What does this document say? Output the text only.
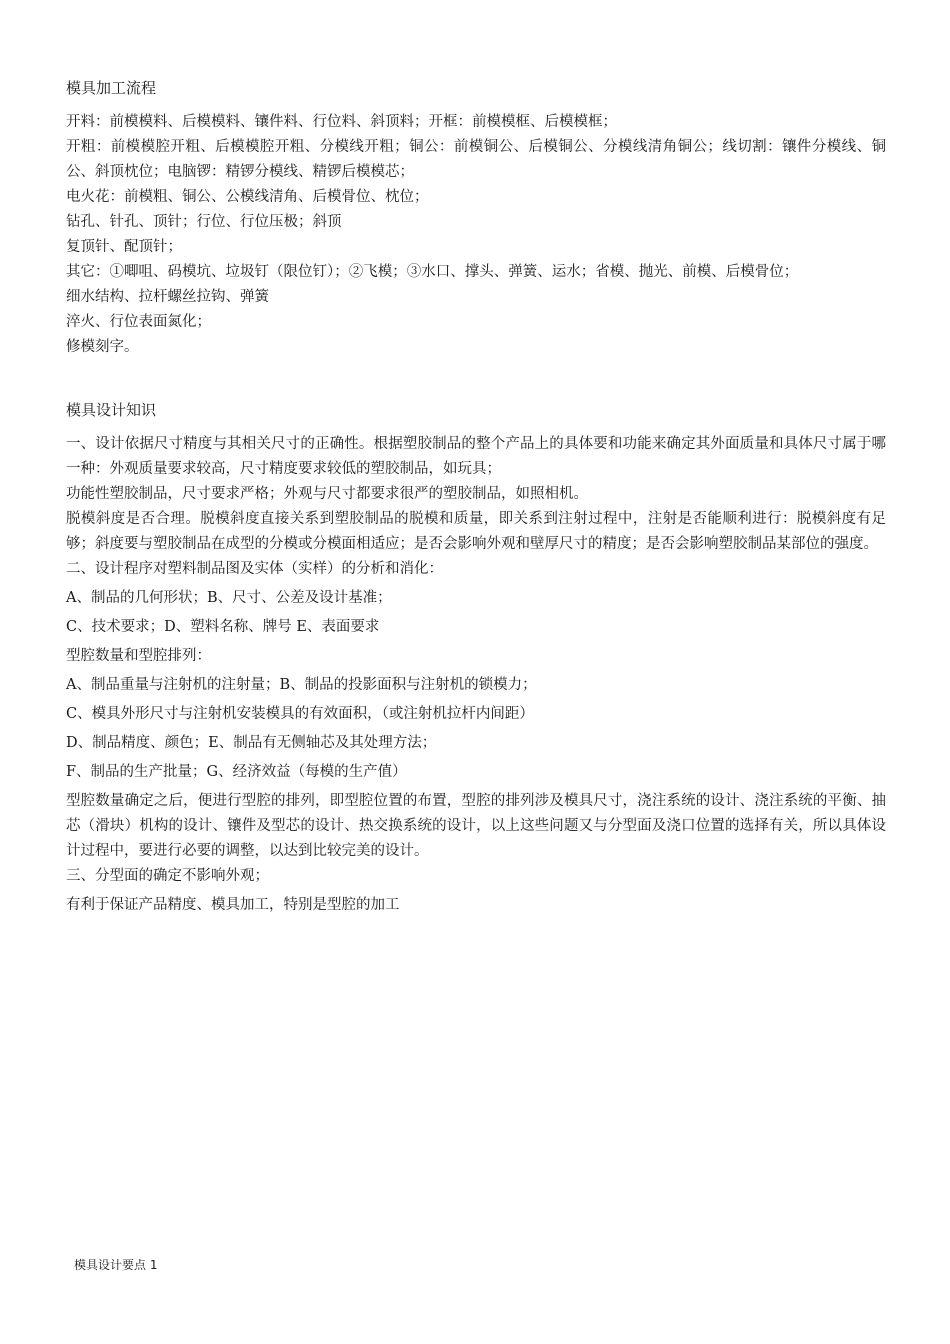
模具加工流程

开料：前模模料、后模模料、镶件料、行位料、斜顶料；开框：前模模框、后模模框；

开粗：前模模腔开粗、后模模腔开粗、分模线开粗；铜公：前模铜公、后模铜公、分模线清角铜公；线切割：镶件分模线、铜公、斜顶枕位；电脑锣：精锣分模线、精锣后模模芯；

电火花：前模粗、铜公、公模线清角、后模骨位、枕位；

钻孔、针孔、顶针；行位、行位压极；斜顶

复顶针、配顶针；

其它：①唧咀、码模坑、垃圾钉（限位钉）；②飞模；③水口、撑头、弹簧、运水；省模、抛光、前模、后模骨位；

细水结构、拉杆螺丝拉钩、弹簧

淬火、行位表面氮化；

修模刻字。

模具设计知识

一、设计依据尺寸精度与其相关尺寸的正确性。根据塑胶制品的整个产品上的具体要和功能来确定其外面质量和具体尺寸属于哪一种：外观质量要求较高，尺寸精度要求较低的塑胶制品，如玩具；

功能性塑胶制品，尺寸要求严格；外观与尺寸都要求很严的塑胶制品，如照相机。

脱模斜度是否合理。脱模斜度直接关系到塑胶制品的脱模和质量，即关系到注射过程中，注射是否能顺利进行：脱模斜度有足够；斜度要与塑胶制品在成型的分模或分模面相适应；是否会影响外观和壁厚尺寸的精度；是否会影响塑胶制品某部位的强度。

二、设计程序对塑料制品图及实体（实样）的分析和消化：

A、制品的几何形状；B、尺寸、公差及设计基准；

C、技术要求；D、塑料名称、牌号 E、表面要求

型腔数量和型腔排列：

A、制品重量与注射机的注射量；B、制品的投影面积与注射机的锁模力；

C、模具外形尺寸与注射机安装模具的有效面积，（或注射机拉杆内间距）

D、制品精度、颜色；E、制品有无侧轴芯及其处理方法；

F、制品的生产批量；G、经济效益（每模的生产值）

型腔数量确定之后，便进行型腔的排列，即型腔位置的布置，型腔的排列涉及模具尺寸，浇注系统的设计、浇注系统的平衡、抽芯（滑块）机构的设计、镶件及型芯的设计、热交换系统的设计，以上这些问题又与分型面及浇口位置的选择有关，所以具体设计过程中，要进行必要的调整，以达到比较完美的设计。

三、分型面的确定不影响外观；

有利于保证产品精度、模具加工，特别是型腔的加工

模具设计要点 1
